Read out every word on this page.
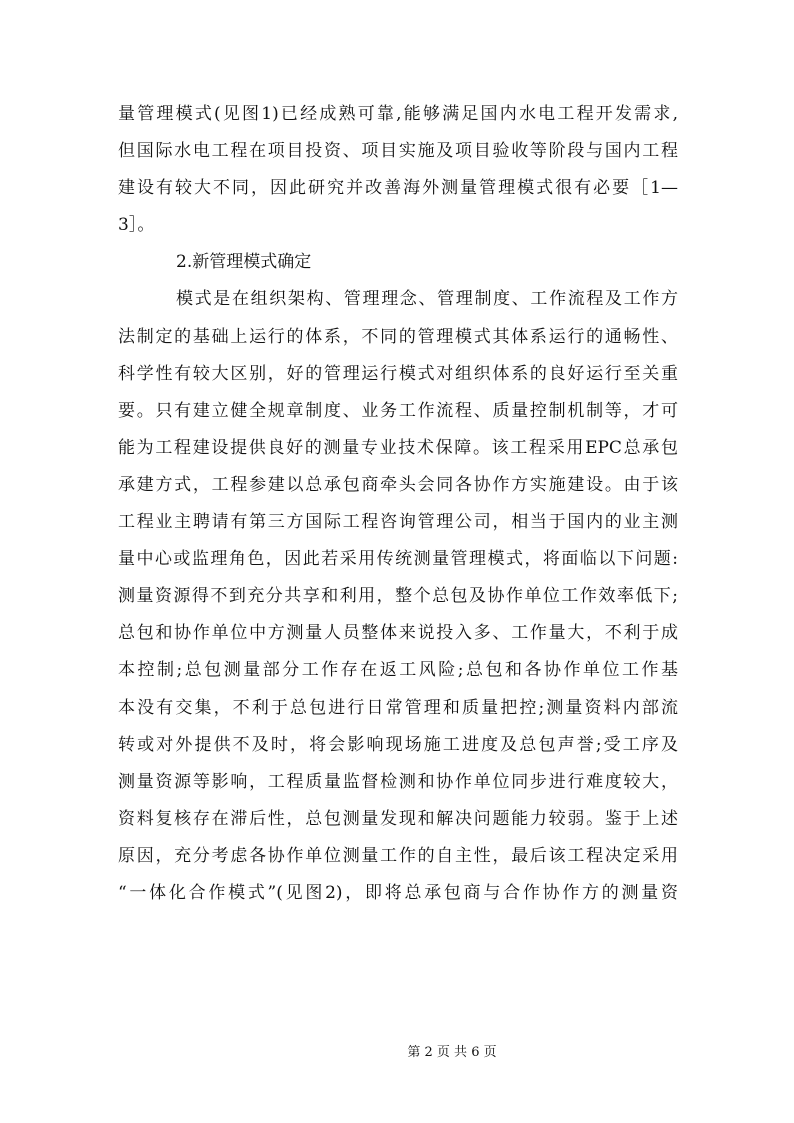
量管理模式(见图1)已经成熟可靠,能够满足国内水电工程开发需求,
但国际水电工程在项目投资、项目实施及项目验收等阶段与国内工程
建设有较大不同，因此研究并改善海外测量管理模式很有必要［1—
3］。
2.新管理模式确定
模式是在组织架构、管理理念、管理制度、工作流程及工作方
法制定的基础上运行的体系，不同的管理模式其体系运行的通畅性、
科学性有较大区别，好的管理运行模式对组织体系的良好运行至关重
要。只有建立健全规章制度、业务工作流程、质量控制机制等，才可
能为工程建设提供良好的测量专业技术保障。该工程采用EPC总承包
承建方式，工程参建以总承包商牵头会同各协作方实施建设。由于该
工程业主聘请有第三方国际工程咨询管理公司，相当于国内的业主测
量中心或监理角色，因此若采用传统测量管理模式，将面临以下问题:
测量资源得不到充分共享和利用，整个总包及协作单位工作效率低下;
总包和协作单位中方测量人员整体来说投入多、工作量大，不利于成
本控制;总包测量部分工作存在返工风险;总包和各协作单位工作基
本没有交集，不利于总包进行日常管理和质量把控;测量资料内部流
转或对外提供不及时，将会影响现场施工进度及总包声誉;受工序及
测量资源等影响，工程质量监督检测和协作单位同步进行难度较大，
资料复核存在滞后性，总包测量发现和解决问题能力较弱。鉴于上述
原因，充分考虑各协作单位测量工作的自主性，最后该工程决定采用
“一体化合作模式”(见图2)，即将总承包商与合作协作方的测量资
第 2 页 共 6 页
